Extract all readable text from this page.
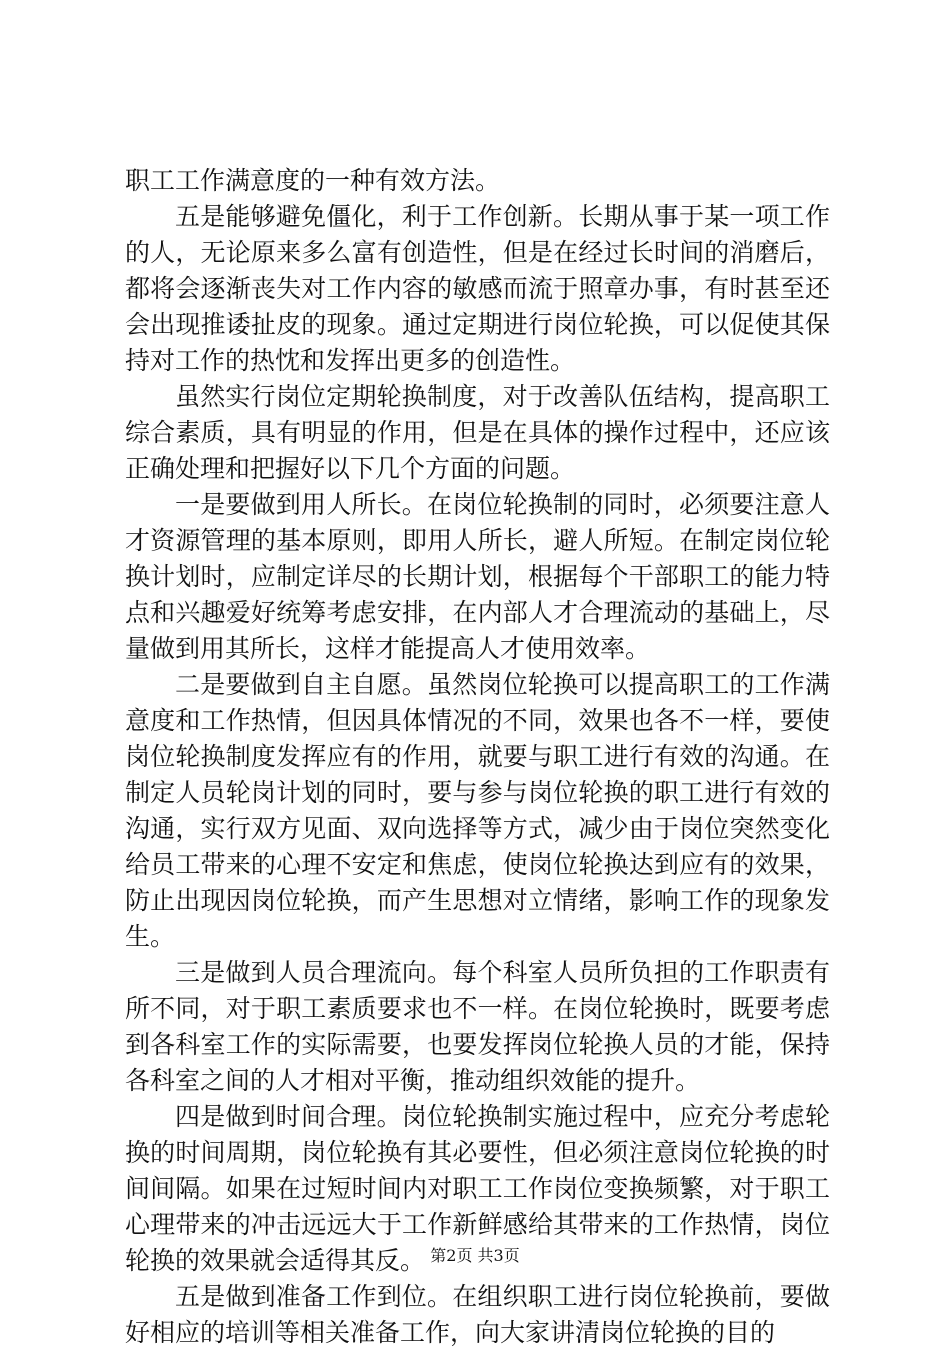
职工工作满意度的一种有效方法。

五是能够避免僵化，利于工作创新。长期从事于某一项工作的人，无论原来多么富有创造性，但是在经过长时间的消磨后，都将会逐渐丧失对工作内容的敏感而流于照章办事，有时甚至还会出现推诿扯皮的现象。通过定期进行岗位轮换，可以促使其保持对工作的热忱和发挥出更多的创造性。

虽然实行岗位定期轮换制度，对于改善队伍结构，提高职工综合素质，具有明显的作用，但是在具体的操作过程中，还应该正确处理和把握好以下几个方面的问题。

一是要做到用人所长。在岗位轮换制的同时，必须要注意人才资源管理的基本原则，即用人所长，避人所短。在制定岗位轮换计划时，应制定详尽的长期计划，根据每个干部职工的能力特点和兴趣爱好统筹考虑安排，在内部人才合理流动的基础上，尽量做到用其所长，这样才能提高人才使用效率。

二是要做到自主自愿。虽然岗位轮换可以提高职工的工作满意度和工作热情，但因具体情况的不同，效果也各不一样，要使岗位轮换制度发挥应有的作用，就要与职工进行有效的沟通。在制定人员轮岗计划的同时，要与参与岗位轮换的职工进行有效的沟通，实行双方见面、双向选择等方式，减少由于岗位突然变化给员工带来的心理不安定和焦虑，使岗位轮换达到应有的效果，防止出现因岗位轮换，而产生思想对立情绪，影响工作的现象发生。

三是做到人员合理流向。每个科室人员所负担的工作职责有所不同，对于职工素质要求也不一样。在岗位轮换时，既要考虑到各科室工作的实际需要，也要发挥岗位轮换人员的才能，保持各科室之间的人才相对平衡，推动组织效能的提升。

四是做到时间合理。岗位轮换制实施过程中，应充分考虑轮换的时间周期，岗位轮换有其必要性，但必须注意岗位轮换的时间间隔。如果在过短时间内对职工工作岗位变换频繁，对于职工心理带来的冲击远远大于工作新鲜感给其带来的工作热情，岗位轮换的效果就会适得其反。

五是做到准备工作到位。在组织职工进行岗位轮换前，要做好相应的培训等相关准备工作，向大家讲清岗位轮换的目的

第2页 共3页
